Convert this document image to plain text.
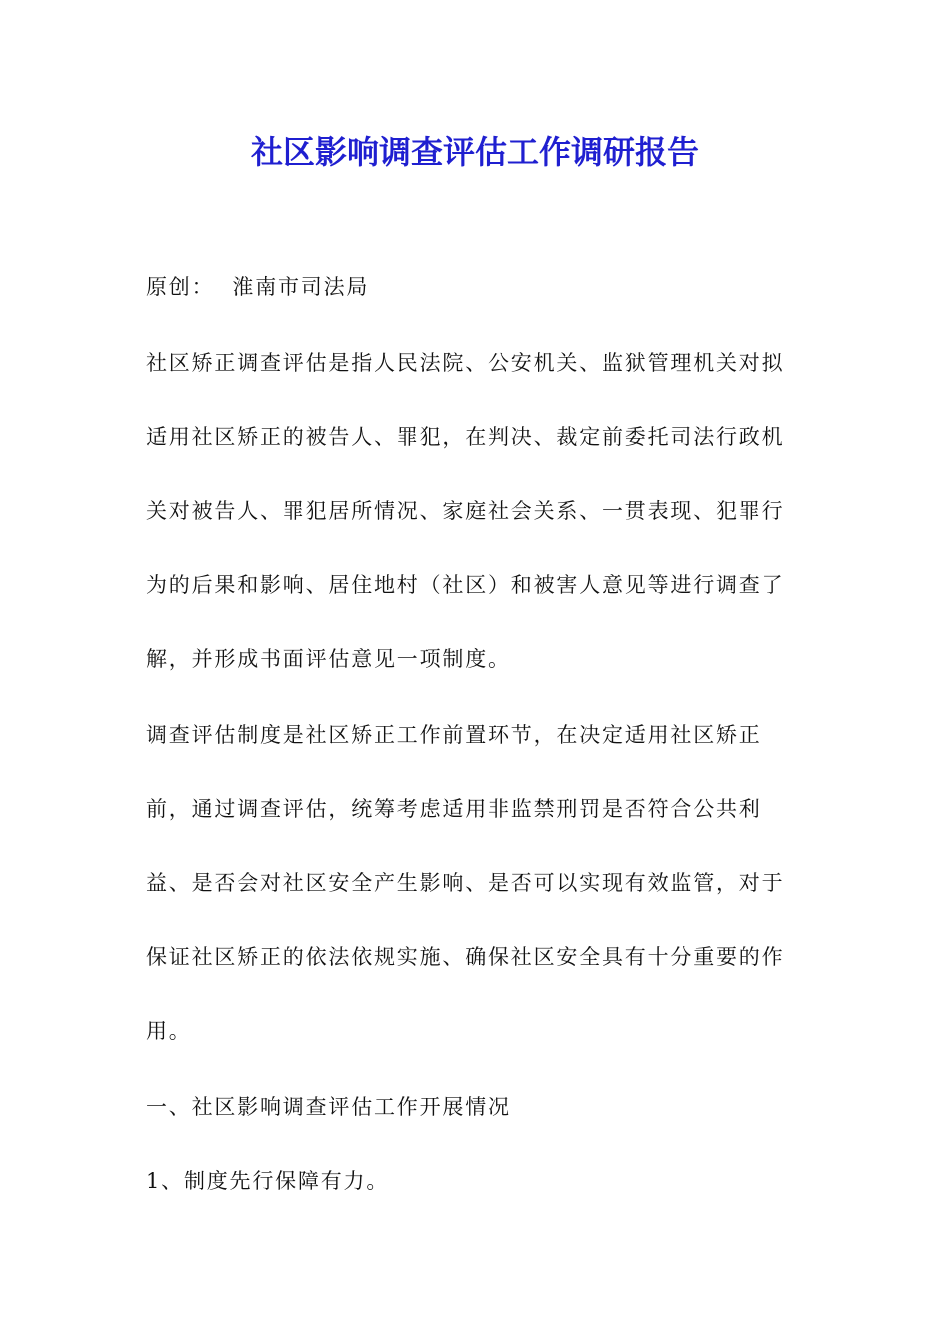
社区影响调查评估工作调研报告

原创： 淮南市司法局

社区矫正调查评估是指人民法院、公安机关、监狱管理机关对拟适用社区矫正的被告人、罪犯，在判决、裁定前委托司法行政机关对被告人、罪犯居所情况、家庭社会关系、一贯表现、犯罪行为的后果和影响、居住地村（社区）和被害人意见等进行调查了解，并形成书面评估意见一项制度。

调查评估制度是社区矫正工作前置环节，在决定适用社区矫正前，通过调查评估，统筹考虑适用非监禁刑罚是否符合公共利益、是否会对社区安全产生影响、是否可以实现有效监管，对于保证社区矫正的依法依规实施、确保社区安全具有十分重要的作用。

一、社区影响调查评估工作开展情况

1、制度先行保障有力。
